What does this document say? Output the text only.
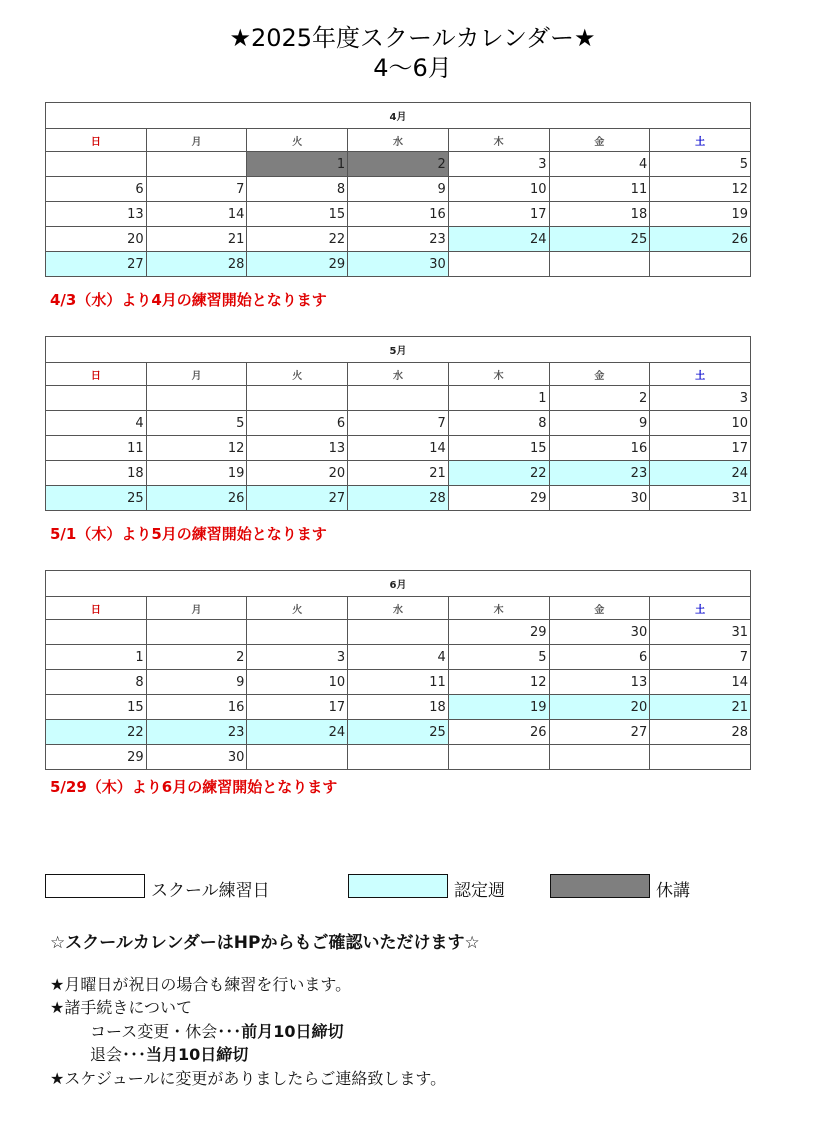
★2025年度スクールカレンダー★
4～6月
4月						
日	月	火	水	木	金	土
		1	2	3	4	5
6	7	8	9	10	11	12
13	14	15	16	17	18	19
20	21	22	23	24	25	26
27	28	29	30			
4/3（水）より4月の練習開始となります
5月						
日	月	火	水	木	金	土
				1	2	3
4	5	6	7	8	9	10
11	12	13	14	15	16	17
18	19	20	21	22	23	24
25	26	27	28	29	30	31
5/1（木）より5月の練習開始となります
6月						
日	月	火	水	木	金	土
				29	30	31
1	2	3	4	5	6	7
8	9	10	11	12	13	14
15	16	17	18	19	20	21
22	23	24	25	26	27	28
29	30					
5/29（木）より6月の練習開始となります
スクール練習日	認定週	休講
☆スクールカレンダーはHPからもご確認いただけます☆
★月曜日が祝日の場合も練習を行います。
★諸手続きについて
コース変更・休会･･･前月10日締切
退会･･･当月10日締切
★スケジュールに変更がありましたらご連絡致します。
